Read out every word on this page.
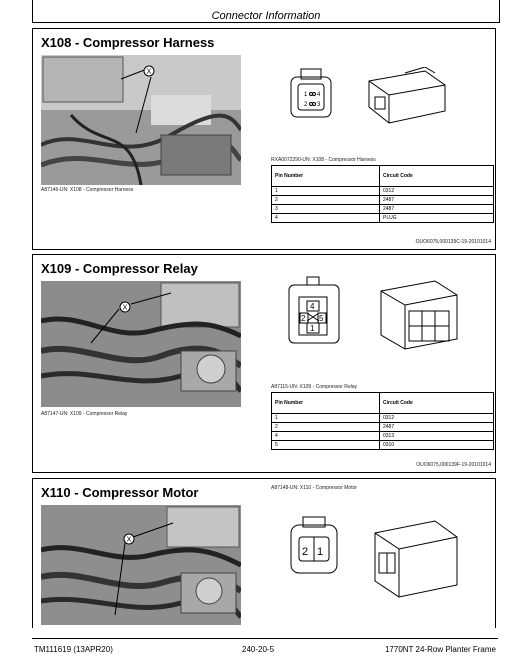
Connector Information
X108 - Compressor Harness
X
A87146-UN: X108 - Compressor Harness
1 4
2 3
RXA0072290-UN: X108 - Compressor Harness
Pin Number	Circuit Code
1	0312
2	2487
3	2487
4	PLUG
OUO6075,000139C-19-20101014
X109 - Compressor Relay
X
A87147-UN: X109 - Compressor Relay
4
2 5
1
A87115-UN: X109 - Compressor Relay
Pin Number	Circuit Code
1	0312
2	2487
4	0313
5	0310
OUO6075,000139F-19-20101014
X110 - Compressor Motor
X
A87148-UN: X110 - Compressor Motor
2 1
TM111619 (13APR20)	240-20-5	1770NT 24-Row Planter Frame
